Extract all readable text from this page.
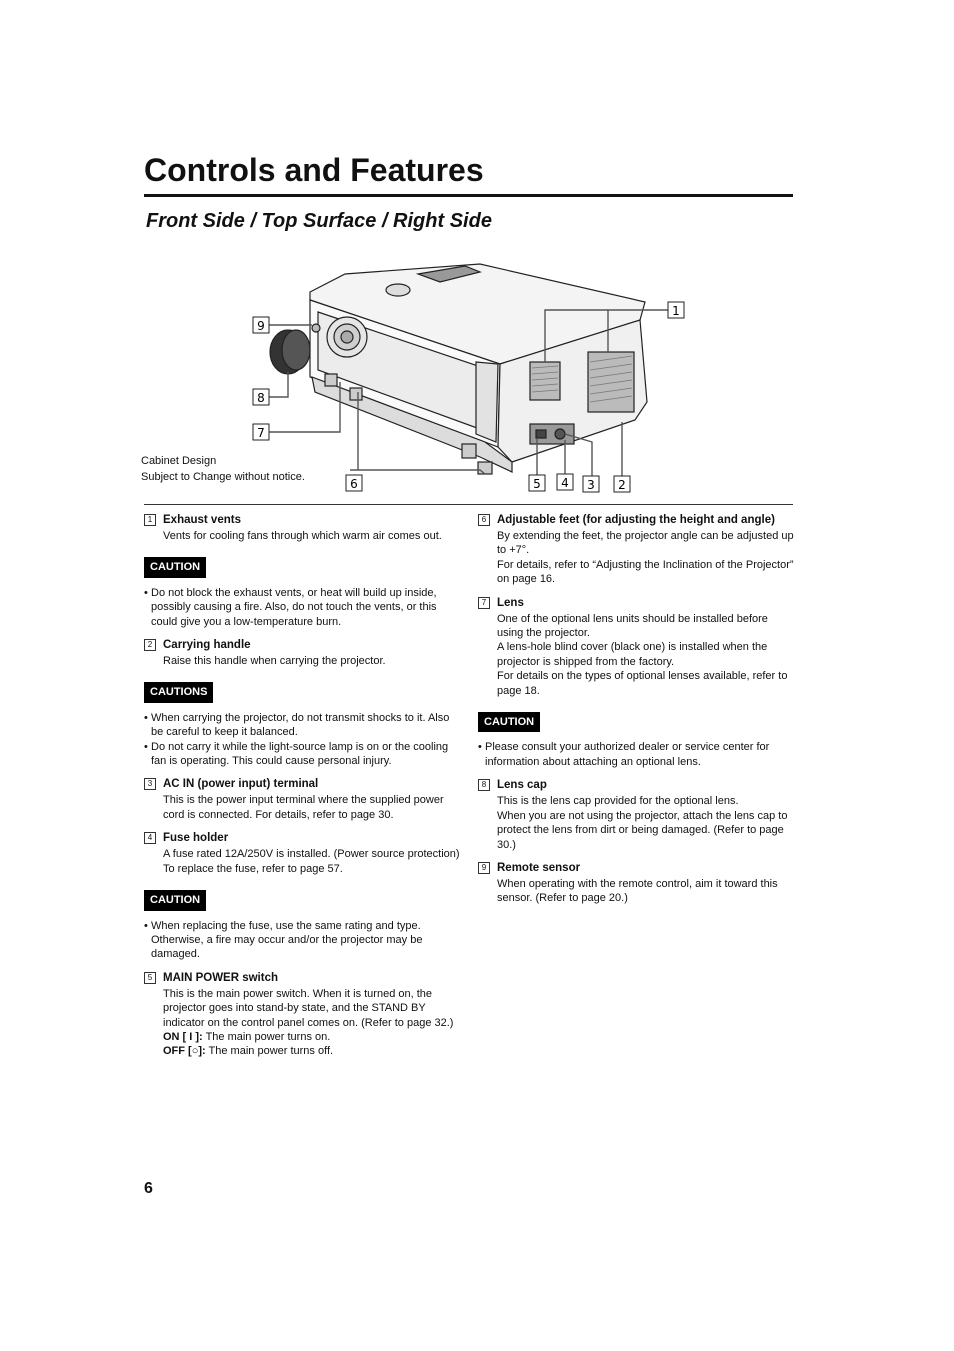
Controls and Features
Front Side / Top Surface / Right Side
1
2
3
4
5
6
7
8
9
Cabinet Design
Subject to Change without notice.
1 Exhaust vents

Vents for cooling fans through which warm air comes out.

CAUTION
• Do not block the exhaust vents, or heat will build up inside, possibly causing a fire. Also, do not touch the vents, or this could give you a low-temperature burn.
2 Carrying handle

Raise this handle when carrying the projector.

CAUTIONS
• When carrying the projector, do not transmit shocks to it. Also be careful to keep it balanced.
• Do not carry it while the light-source lamp is on or the cooling fan is operating. This could cause personal injury.
3 AC IN (power input) terminal

This is the power input terminal where the supplied power cord is connected. For details, refer to page 30.

4 Fuse holder

A fuse rated 12A/250V is installed. (Power source protection)

To replace the fuse, refer to page 57.

CAUTION
• When replacing the fuse, use the same rating and type. Otherwise, a fire may occur and/or the projector may be damaged.
5 MAIN POWER switch

This is the main power switch. When it is turned on, the projector goes into stand-by state, and the STAND BY indicator on the control panel comes on. (Refer to page 32.)

ON [ I ]: The main power turns on.

OFF [○]: The main power turns off.

6 Adjustable feet (for adjusting the height and angle)

By extending the feet, the projector angle can be adjusted up to +7°.

For details, refer to “Adjusting the Inclination of the Projector” on page 16.

7 Lens

One of the optional lens units should be installed before using the projector.

A lens-hole blind cover (black one) is installed when the projector is shipped from the factory.

For details on the types of optional lenses available, refer to page 18.

CAUTION
• Please consult your authorized dealer or service center for information about attaching an optional lens.
8 Lens cap

This is the lens cap provided for the optional lens.

When you are not using the projector, attach the lens cap to protect the lens from dirt or being damaged. (Refer to page 30.)

9 Remote sensor

When operating with the remote control, aim it toward this sensor. (Refer to page 20.)

6
